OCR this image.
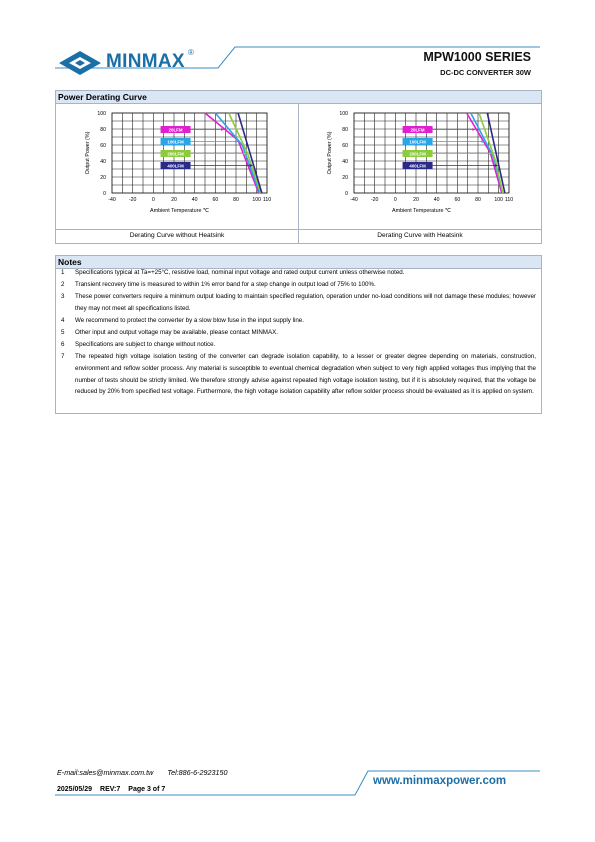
MINMAX ®	MPW1000 SERIES
DC-DC CONVERTER 30W
Power Derating Curve
-40	-20	0	20	40	60	80	100 110
0
20
40
60
80
100
Ambient Temperature ℃
Output Power (%)
20LFM
100LFM
200LFM
400LFM
-40	-20	0	20	40	60	80	100 110
0
20
40
60
80
100
Ambient Temperature ℃
Output Power (%)
20LFM
100LFM
200LFM
400LFM
Derating Curve without Heatsink	Derating Curve with Heatsink
Notes
1 Specifications typical at Ta=+25°C, resistive load, nominal input voltage and rated output current unless otherwise noted.
2 Transient recovery time is measured to within 1% error band for a step change in output load of 75% to 100%.
3 These power converters require a minimum output loading to maintain specified regulation, operation under no-load conditions will not damage these modules; however they may not meet all specifications listed.
4 We recommend to protect the converter by a slow blow fuse in the input supply line.
5 Other input and output voltage may be available, please contact MINMAX.
6 Specifications are subject to change without notice.
7 The repeated high voltage isolation testing of the converter can degrade isolation capability, to a lesser or greater degree depending on materials, construction, environment and reflow solder process. Any material is susceptible to eventual chemical degradation when subject to very high applied voltages thus implying that the number of tests should be strictly limited. We therefore strongly advise against repeated high voltage isolation testing, but if it is absolutely required, that the voltage be reduced by 20% from specified test voltage. Furthermore, the high voltage isolation capability after reflow solder process should be evaluated as it is applied on system.
E-mail:sales@minmax.com.tw Tel:886-6-2923150
www.minmaxpower.com
2025/05/29 REV:7 Page 3 of 7
